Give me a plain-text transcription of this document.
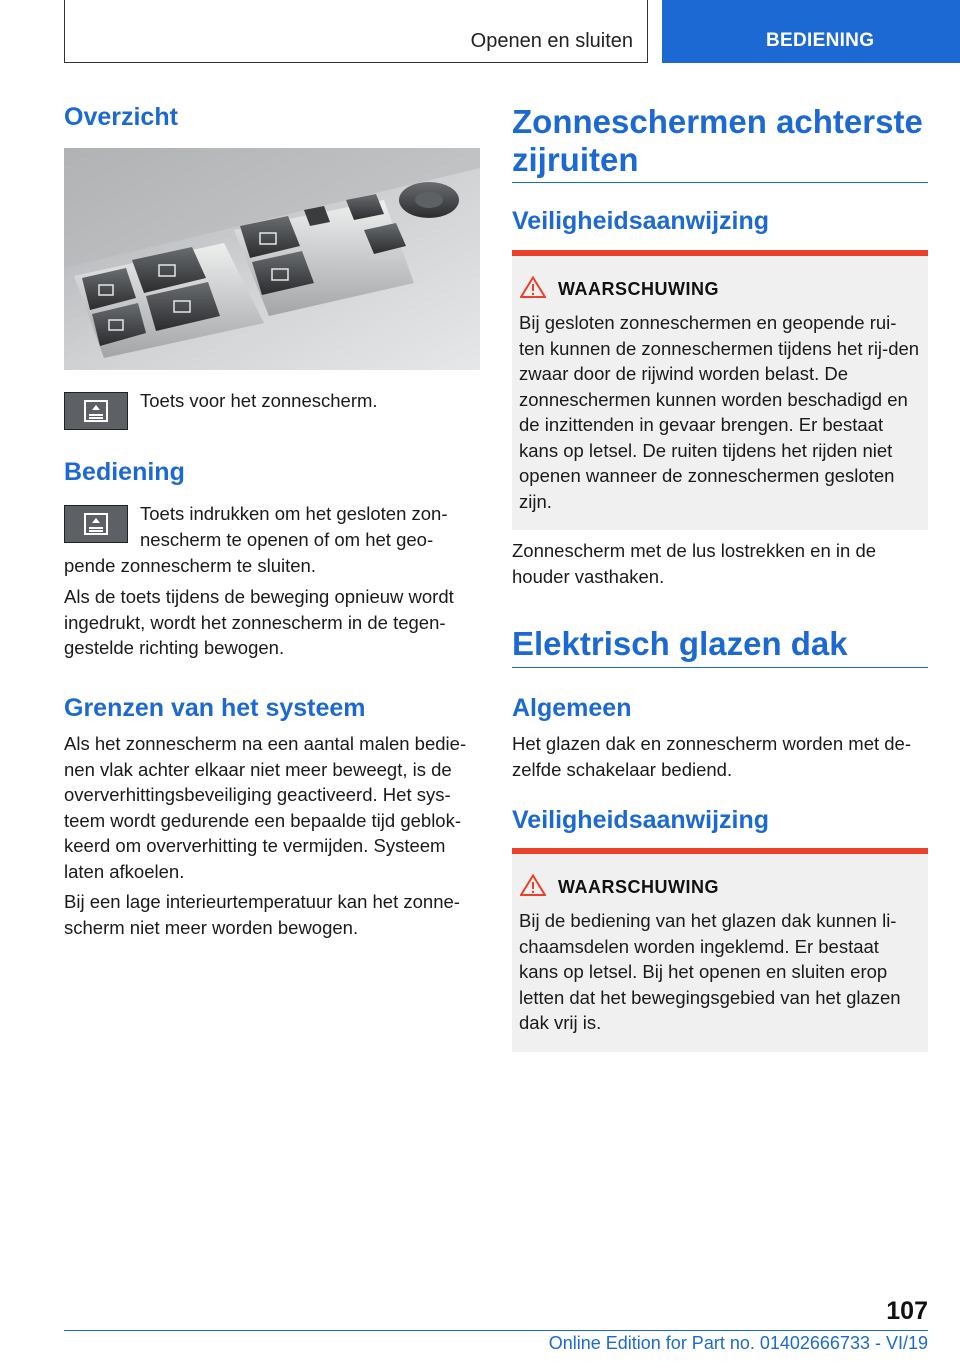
Openen en sluiten	BEDIENING
Overzicht

Toets voor het zonnescherm.

Bediening

Toets indrukken om het gesloten zon-

nescherm te openen of om het geo-

pende zonnescherm te sluiten.

Als de toets tijdens de beweging opnieuw wordt ingedrukt, wordt het zonnescherm in de tegen-gestelde richting bewogen.

Grenzen van het systeem

Als het zonnescherm na een aantal malen bedie-nen vlak achter elkaar niet meer beweegt, is de oververhittingsbeveiliging geactiveerd. Het sys-teem wordt gedurende een bepaalde tijd geblok-keerd om oververhitting te vermijden. Systeem laten afkoelen.

Bij een lage interieurtemperatuur kan het zonne-scherm niet meer worden bewogen.

Zonneschermen achterste zijruiten
Veiligheidsaanwijzing
WAARSCHUWING

Bij gesloten zonneschermen en geopende rui-ten kunnen de zonneschermen tijdens het rij-den zwaar door de rijwind worden belast. De zonneschermen kunnen worden beschadigd en de inzittenden in gevaar brengen. Er bestaat kans op letsel. De ruiten tijdens het rijden niet openen wanneer de zonneschermen gesloten zijn.

Zonnescherm met de lus lostrekken en in de houder vasthaken.

Elektrisch glazen dak
Algemeen

Het glazen dak en zonnescherm worden met de-zelfde schakelaar bediend.

Veiligheidsaanwijzing
WAARSCHUWING

Bij de bediening van het glazen dak kunnen li-chaamsdelen worden ingeklemd. Er bestaat kans op letsel. Bij het openen en sluiten erop letten dat het bewegingsgebied van het glazen dak vrij is.

107
Online Edition for Part no. 01402666733 - VI/19
